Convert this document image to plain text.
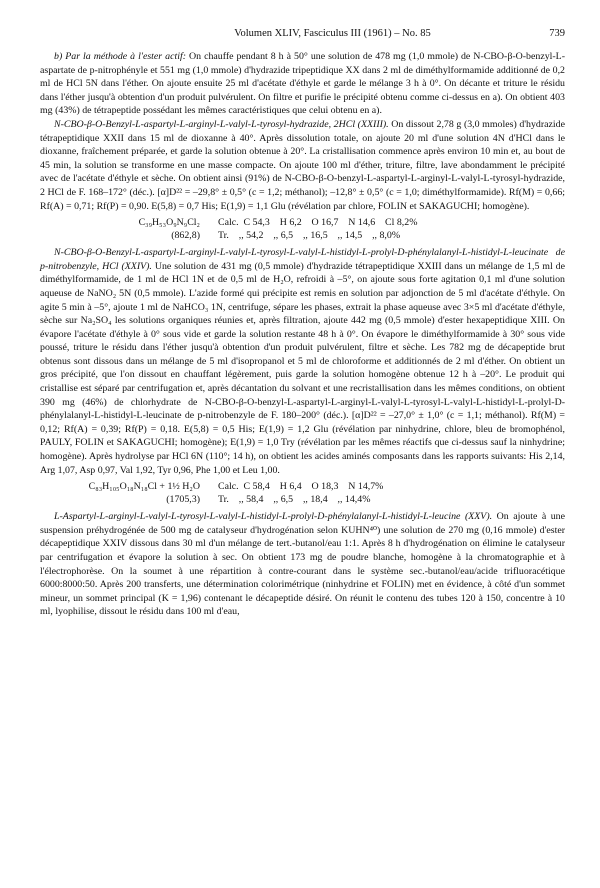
Volumen XLIV, Fasciculus III (1961) – No. 85	739

b) Par la méthode à l'ester actif: On chauffe pendant 8 h à 50° une solution de 478 mg (1,0 mmole) de N-CBO-β-O-benzyl-L-aspartate de p-nitrophényle et 551 mg (1,0 mmole) d'hydrazide tripeptidique XX dans 2 ml de diméthylformamide additionné de 0,2 ml de HCl 5N dans l'éther. On ajoute ensuite 25 ml d'acétate d'éthyle et garde le mélange 3 h à 0°. On décante et triture le résidu dans l'éther jusqu'à obtention d'un produit pulvérulent. On filtre et purifie le précipité obtenu comme ci-dessus en a). On obtient 403 mg (43%) de tétrapeptide possédant les mêmes caractéristiques que celui obtenu en a).

N-CBO-β-O-Benzyl-L-aspartyl-L-arginyl-L-valyl-L-tyrosyl-hydrazide, 2HCl (XXIII). On dissout 2,78 g (3,0 mmoles) d'hydrazide tétrapeptidique XXII dans 15 ml de dioxanne à 40°. Après dissolution totale, on ajoute 20 ml d'une solution 4N d'HCl dans le dioxanne, fraîchement préparée, et garde la solution obtenue à 20°. La cristallisation commence après environ 10 min et, au bout de 45 min, la solution se transforme en une masse compacte. On ajoute 100 ml d'éther, triture, filtre, lave abondamment le précipité avec de l'acétate d'éthyle et sèche. On obtient ainsi (91%) de N-CBO-β-O-benzyl-L-aspartyl-L-arginyl-L-valyl-L-tyrosyl-hydrazide, 2 HCl de F. 168–172° (déc.). [α]D²² = –29,8° ± 0,5° (c = 1,2; méthanol); –12,8° ± 0,5° (c = 1,0; diméthylformamide). Rf(M) = 0,66; Rf(A) = 0,71; Rf(P) = 0,90. E(5,8) = 0,7 His; E(1,9) = 1,1 Glu (révélation par chlore, FOLIN et SAKAGUCHI; homogène).

C₃₉H₅₃O₉N₉Cl₂	Calc.  C 54,3    H 6,2    O 16,7    N 14,6    Cl 8,2%
(862,8)	Tr.    ,, 54,2    ,, 6,5    ,, 16,5    ,, 14,5    ,, 8,0%

N-CBO-β-O-Benzyl-L-aspartyl-L-arginyl-L-valyl-L-tyrosyl-L-valyl-L-histidyl-L-prolyl-D-phénylalanyl-L-histidyl-L-leucinate de p-nitrobenzyle, HCl (XXIV). Une solution de 431 mg (0,5 mmole) d'hydrazide tétrapeptidique XXIII dans un mélange de 1,5 ml de diméthylformamide, de 1 ml de HCl 1N et de 0,5 ml de H₂O, refroidi à –5°, on ajoute sous forte agitation 0,1 ml d'une solution aqueuse de NaNO₂ 5N (0,5 mmole). L'azide formé qui précipite est remis en solution par adjonction de 5 ml d'acétate d'éthyle. On agite 5 min à –5°, ajoute 1 ml de NaHCO₃ 1N, centrifuge, sépare les phases, extrait la phase aqueuse avec 3×5 ml d'acétate d'éthyle, sèche sur Na₂SO₄ les solutions organiques réunies et, après filtration, ajoute 442 mg (0,5 mmole) d'ester hexapeptidique XIII. On évapore l'acétate d'éthyle à 0° sous vide et garde la solution restante 48 h à 0°. On évapore le diméthylformamide à 30° sous vide poussé, triture le résidu dans l'éther jusqu'à obtention d'un produit pulvérulent, filtre et sèche. Les 782 mg de décapeptide brut obtenus sont dissous dans un mélange de 5 ml d'isopropanol et 5 ml de chloroforme et additionnés de 2 ml d'éther. On obtient un gros précipité, que l'on dissout en chauffant légèrement, puis garde la solution homogène obtenue 12 h à –20°. Le produit qui cristallise est séparé par centrifugation et, après décantation du solvant et une recristallisation dans les mêmes conditions, on obtient 390 mg (46%) de chlorhydrate de N-CBO-β-O-benzyl-L-aspartyl-L-arginyl-L-valyl-L-tyrosyl-L-valyl-L-histidyl-L-prolyl-D-phénylalanyl-L-histidyl-L-leucinate de p-nitrobenzyle de F. 180–200° (déc.). [α]D²² = –27,0° ± 1,0° (c = 1,1; méthanol). Rf(M) = 0,12; Rf(A) = 0,39; Rf(P) = 0,18. E(5,8) = 0,5 His; E(1,9) = 1,2 Glu (révélation par ninhydrine, chlore, bleu de bromophénol, PAULY, FOLIN et SAKAGUCHI; homogène); E(1,9) = 1,0 Try (révélation par les mêmes réactifs que ci-dessus sauf la ninhydrine; homogène). Après hydrolyse par HCl 6N (110°; 14 h), on obtient les acides aminés composants dans les rapports suivants: His 2,14, Arg 1,07, Asp 0,97, Val 1,92, Tyr 0,96, Phe 1,00 et Leu 1,00.

C₈₃H₁₀₅O₁₈N₁₈Cl + 1½ H₂O	Calc.  C 58,4    H 6,4    O 18,3    N 14,7%
(1705,3)	Tr.    ,, 58,4    ,, 6,5    ,, 18,4    ,, 14,4%

L-Aspartyl-L-arginyl-L-valyl-L-tyrosyl-L-valyl-L-histidyl-L-prolyl-D-phénylalanyl-L-histidyl-L-leucine (XXV). On ajoute à une suspension préhydrogénée de 500 mg de catalyseur d'hydrogénation selon KUHN⁴⁰) une solution de 270 mg (0,16 mmole) d'ester décapeptidique XXIV dissous dans 30 ml d'un mélange de tert.-butanol/eau 1:1. Après 8 h d'hydrogénation on élimine le catalyseur par centrifugation et évapore la solution à sec. On obtient 173 mg de poudre blanche, homogène à la chromatographie et à l'électrophorèse. On la soumet à une répartition à contre-courant dans le système sec.-butanol/eau/acide trifluoracétique 6000:8000:50. Après 200 transferts, une détermination colorimétrique (ninhydrine et FOLIN) met en évidence, à côté d'un sommet mineur, un sommet principal (K = 1,96) contenant le décapeptide désiré. On réunit le contenu des tubes 120 à 150, concentre à 10 ml, lyophilise, dissout le résidu dans 100 ml d'eau,
